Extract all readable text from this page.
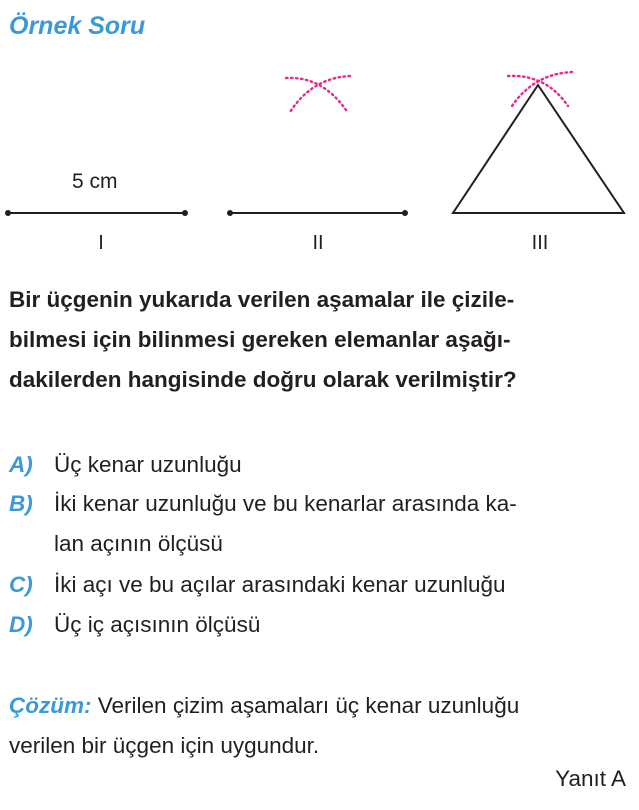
Örnek Soru
5 cm
I	II	III
Bir üçgenin yukarıda verilen aşamalar ile çizile-
bilmesi için bilinmesi gereken elemanlar aşağı-
dakilerden hangisinde doğru olarak verilmiştir?
A) Üç kenar uzunluğu
B) İki kenar uzunluğu ve bu kenarlar arasında ka-
lan açının ölçüsü
C) İki açı ve bu açılar arasındaki kenar uzunluğu
D) Üç iç açısının ölçüsü
Çözüm: Verilen çizim aşamaları üç kenar uzunluğu
verilen bir üçgen için uygundur.
Yanıt A
